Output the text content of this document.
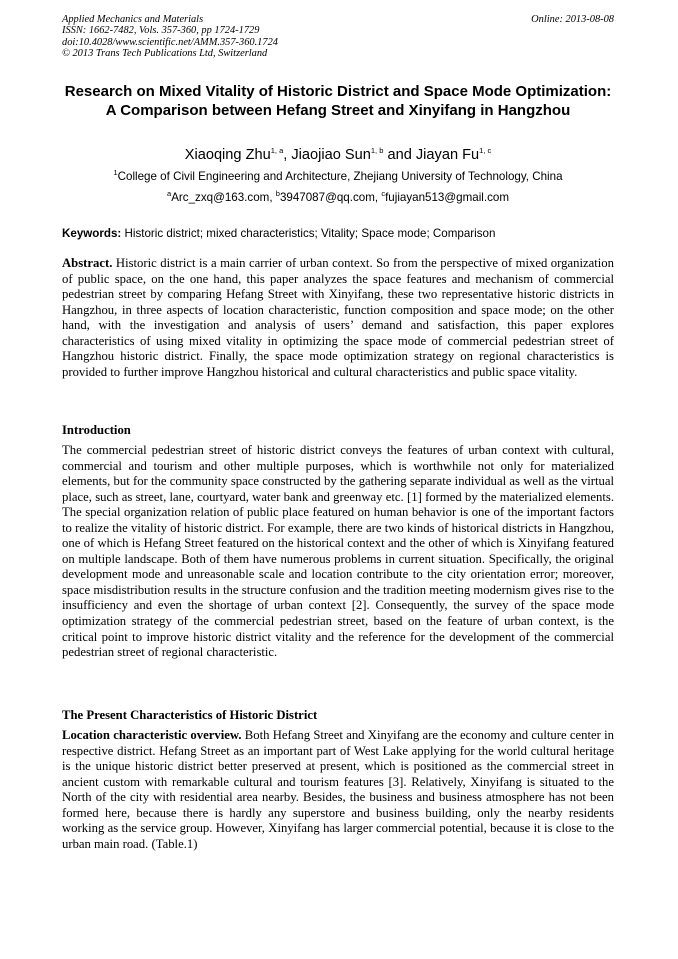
Applied Mechanics and Materials
ISSN: 1662-7482, Vols. 357-360, pp 1724-1729
doi:10.4028/www.scientific.net/AMM.357-360.1724
© 2013 Trans Tech Publications Ltd, Switzerland
Online: 2013-08-08
Research on Mixed Vitality of Historic District and Space Mode Optimization: A Comparison between Hefang Street and Xinyifang in Hangzhou
Xiaoqing Zhu$^{1, a}$, Jiaojiao Sun$^{1, b}$ and Jiayan Fu$^{1, c}$
$^1$College of Civil Engineering and Architecture, Zhejiang University of Technology, China
$^a$Arc_zxq@163.com, $^b$3947087@qq.com, $^c$fujiayan513@gmail.com
Keywords: Historic district; mixed characteristics; Vitality; Space mode; Comparison

Abstract. Historic district is a main carrier of urban context. So from the perspective of mixed organization of public space, on the one hand, this paper analyzes the space features and mechanism of commercial pedestrian street by comparing Hefang Street with Xinyifang, these two representative historic districts in Hangzhou, in three aspects of location characteristic, function composition and space mode; on the other hand, with the investigation and analysis of users’ demand and satisfaction, this paper explores characteristics of using mixed vitality in optimizing the space mode of commercial pedestrian street of Hangzhou historic district. Finally, the space mode optimization strategy on regional characteristics is provided to further improve Hangzhou historical and cultural characteristics and public space vitality.

Introduction

The commercial pedestrian street of historic district conveys the features of urban context with cultural, commercial and tourism and other multiple purposes, which is worthwhile not only for materialized elements, but for the community space constructed by the gathering separate individual as well as the virtual place, such as street, lane, courtyard, water bank and greenway etc. [1] formed by the materialized elements. The special organization relation of public place featured on human behavior is one of the important factors to realize the vitality of historic district. For example, there are two kinds of historical districts in Hangzhou, one of which is Hefang Street featured on the historical context and the other of which is Xinyifang featured on multiple landscape. Both of them have numerous problems in current situation. Specifically, the original development mode and unreasonable scale and location contribute to the city orientation error; moreover, space misdistribution results in the structure confusion and the tradition meeting modernism gives rise to the insufficiency and even the shortage of urban context [2]. Consequently, the survey of the space mode optimization strategy of the commercial pedestrian street, based on the feature of urban context, is the critical point to improve historic district vitality and the reference for the development of the commercial pedestrian street of regional characteristic.

The Present Characteristics of Historic District

Location characteristic overview. Both Hefang Street and Xinyifang are the economy and culture center in respective district. Hefang Street as an important part of West Lake applying for the world cultural heritage is the unique historic district better preserved at present, which is positioned as the commercial street in ancient custom with remarkable cultural and tourism features [3]. Relatively, Xinyifang is situated to the North of the city with residential area nearby. Besides, the business and business atmosphere has not been formed here, because there is hardly any superstore and business building, only the nearby residents working as the service group. However, Xinyifang has larger commercial potential, because it is close to the urban main road. (Table.1)
